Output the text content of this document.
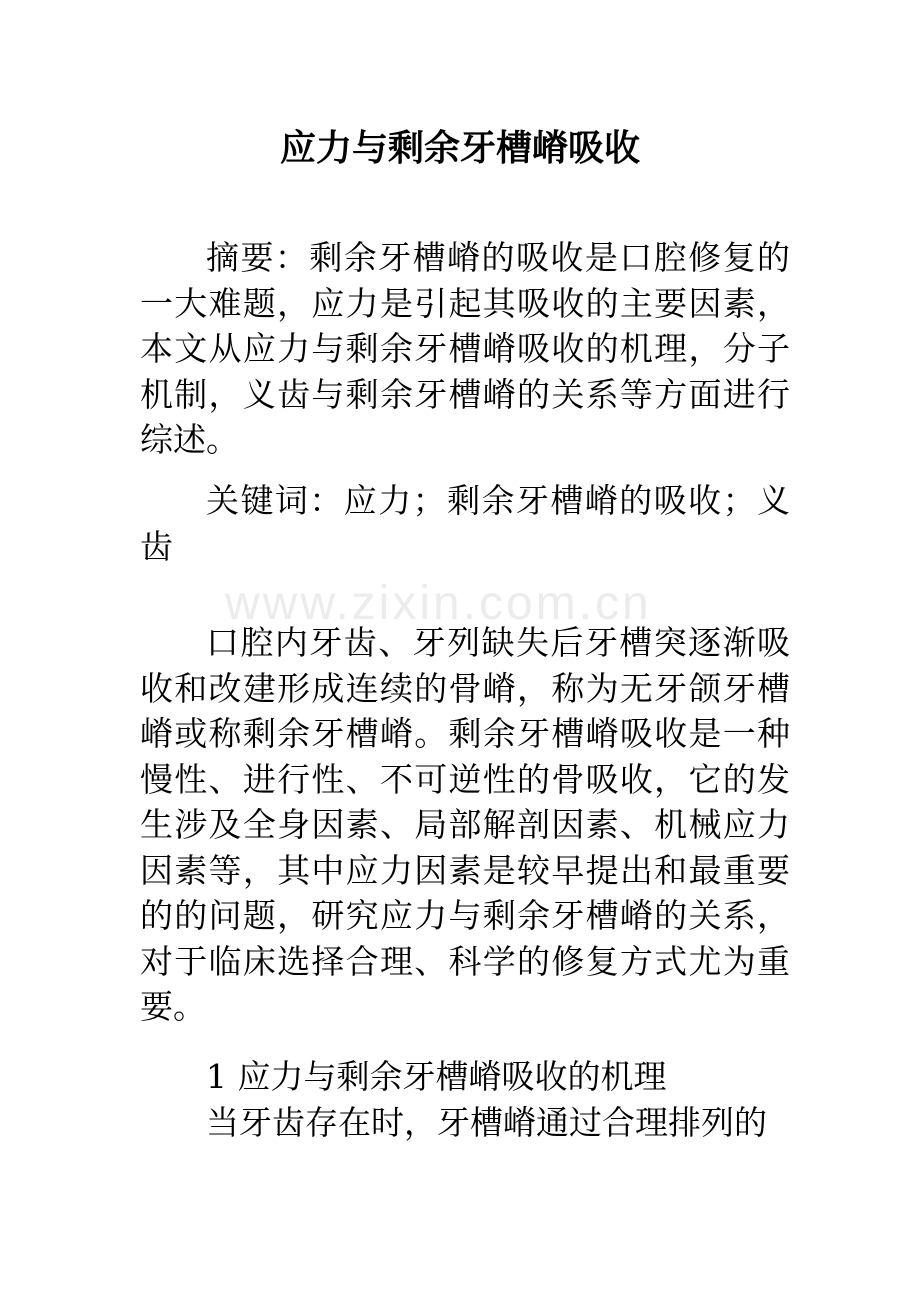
应力与剩余牙槽嵴吸收

摘要：剩余牙槽嵴的吸收是口腔修复的一大难题，应力是引起其吸收的主要因素，本文从应力与剩余牙槽嵴吸收的机理，分子机制，义齿与剩余牙槽嵴的关系等方面进行综述。

关键词：应力；剩余牙槽嵴的吸收；义齿

www.zixin.com.cn

口腔内牙齿、牙列缺失后牙槽突逐渐吸收和改建形成连续的骨嵴，称为无牙颌牙槽嵴或称剩余牙槽嵴。剩余牙槽嵴吸收是一种慢性、进行性、不可逆性的骨吸收，它的发生涉及全身因素、局部解剖因素、机械应力因素等，其中应力因素是较早提出和最重要的的问题，研究应力与剩余牙槽嵴的关系，对于临床选择合理、科学的修复方式尤为重要。

1 应力与剩余牙槽嵴吸收的机理

当牙齿存在时，牙槽嵴通过合理排列的
